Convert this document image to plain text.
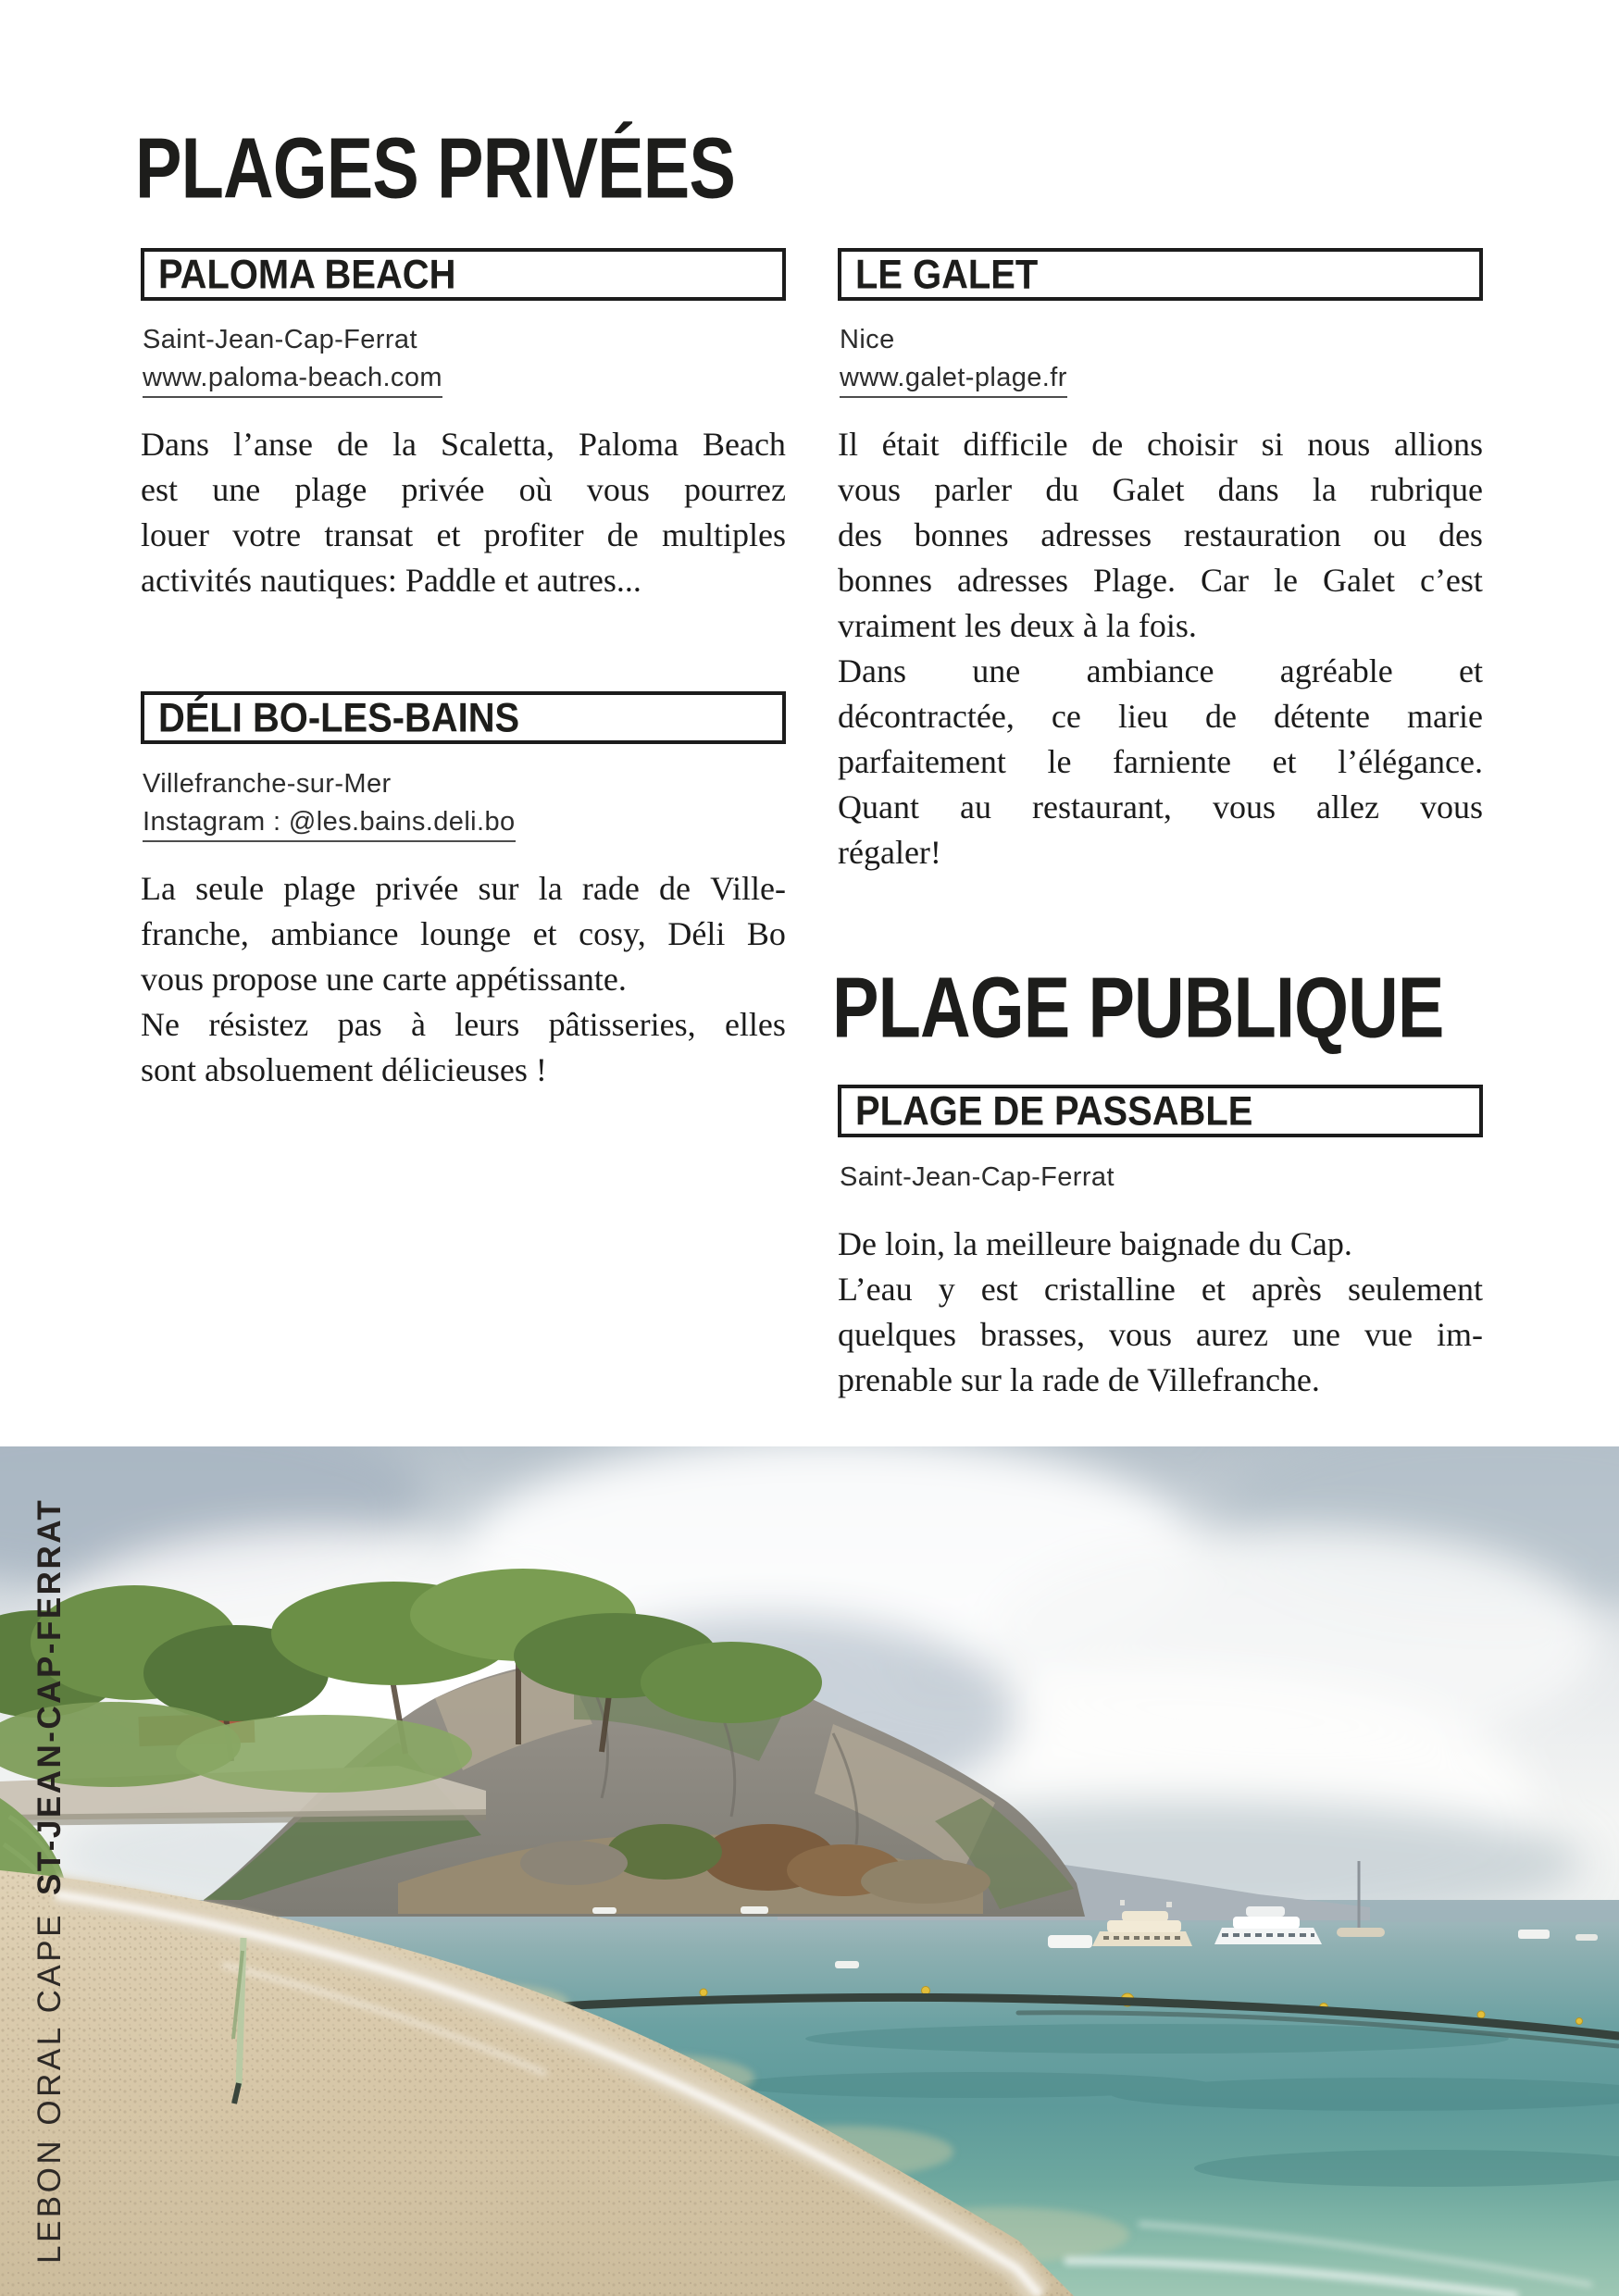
PLAGES PRIVÉES
PALOMA BEACH
Saint-Jean-Cap-Ferrat
www.paloma-beach.com
Dans l’anse de la Scaletta, Paloma Beach
est une plage privée où vous pourrez
louer votre transat et profiter de multiples
activités nautiques: Paddle et autres...
DÉLI BO-LES-BAINS
Villefranche-sur-Mer
Instagram : @les.bains.deli.bo
La seule plage privée sur la rade de Ville-
franche, ambiance lounge et cosy, Déli Bo
vous propose une carte appétissante.
Ne résistez pas à leurs pâtisseries, elles
sont absoluement délicieuses !
LE GALET
Nice
www.galet-plage.fr
Il était difficile de choisir si nous allions
vous parler du Galet dans la rubrique
des bonnes adresses restauration ou des
bonnes adresses Plage. Car le Galet c’est
vraiment les deux à la fois.
Dans une ambiance agréable et
décontractée, ce lieu de détente marie
parfaitement le farniente et l’élégance.
Quant au restaurant, vous allez vous
régaler!
PLAGE PUBLIQUE
PLAGE DE PASSABLE
Saint-Jean-Cap-Ferrat
De loin, la meilleure baignade du Cap.
L’eau y est cristalline et après seulement
quelques brasses, vous aurez une vue im-
prenable sur la rade de Villefranche.
LEBON ORAL CAPEST-JEAN-CAP-FERRAT
